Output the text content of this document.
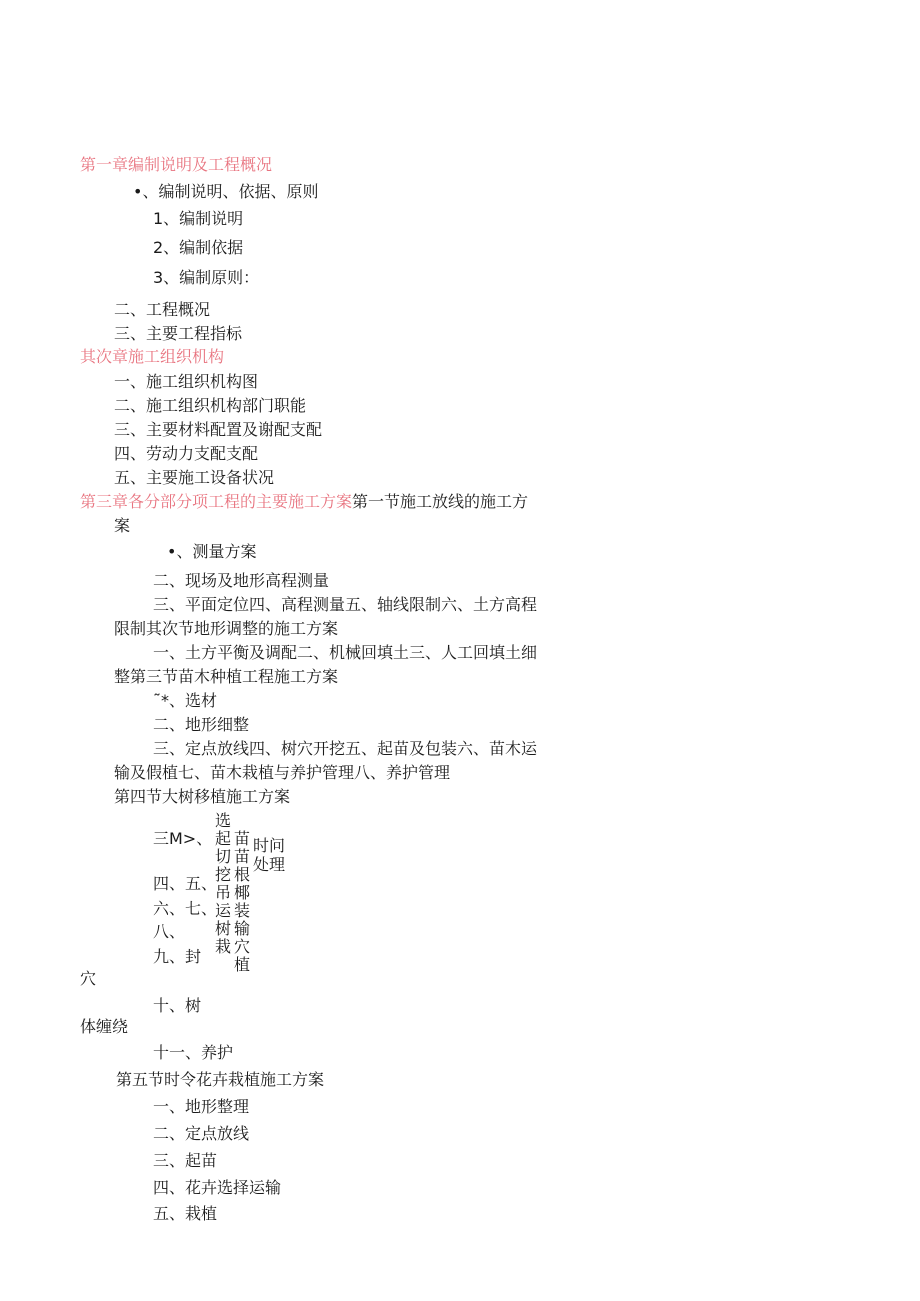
第一章编制说明及工程概况
•、编制说明、依据、原则
1、编制说明
2、编制依据
3、编制原则：
二、工程概况
三、主要工程指标
其次章施工组织机构
一、施工组织机构图
二、施工组织机构部门职能
三、主要材料配置及谢配支配
四、劳动力支配支配
五、主要施工设备状况
第三章各分部分项工程的主要施工方案第一节施工放线的施工方
案
•、测量方案
二、现场及地形高程测量
三、平面定位四、高程测量五、轴线限制六、土方高程
限制其次节地形调整的施工方案
一、土方平衡及调配二、机械回填土三、人工回填土细
整第三节苗木种植工程施工方案
˜*、选材
二、地形细整
三、定点放线四、树穴开挖五、起苗及包装六、苗木运
输及假植七、苗木栽植与养护管理八、养护管理
第四节大树移植施工方案
三M>、
四、五、
六、七、
八、
九、封
选起切挖吊运树栽
苗苗根椰装输穴植
时问
处理
穴
十、树
体缠绕
十一、养护
第五节时令花卉栽植施工方案
一、地形整理
二、定点放线
三、起苗
四、花卉选择运输
五、栽植
